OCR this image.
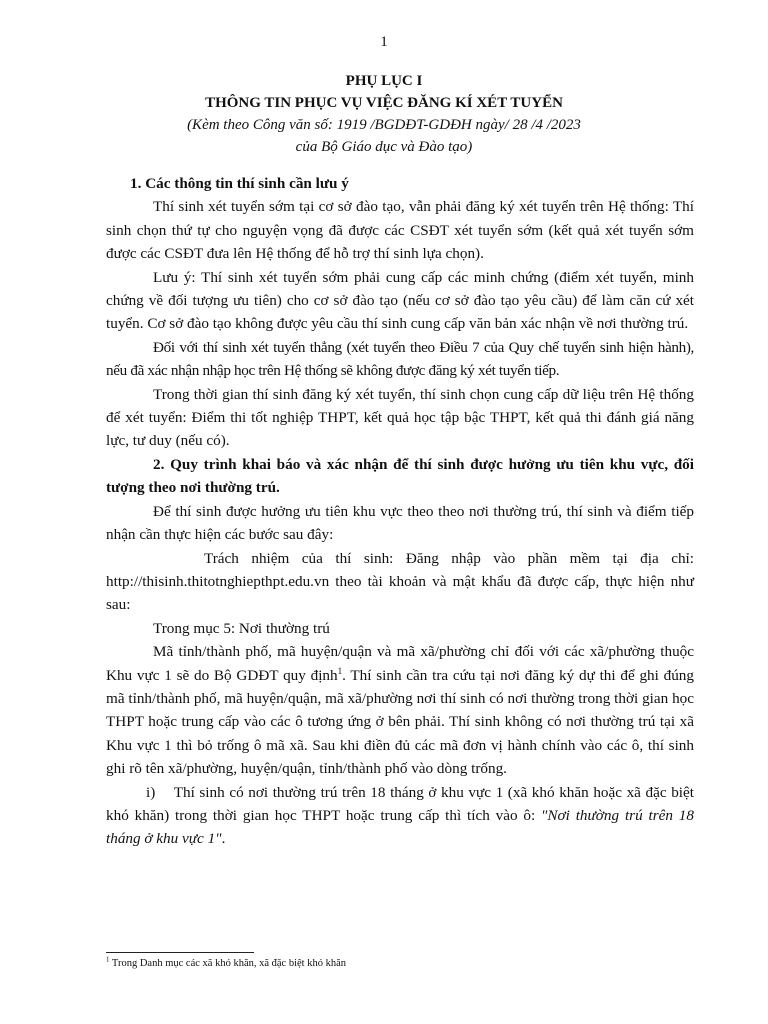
1
PHỤ LỤC I
THÔNG TIN PHỤC VỤ VIỆC ĐĂNG KÍ XÉT TUYỂN
(Kèm theo Công văn số: 1919 /BGDĐT-GDĐH ngày/ 28 /4 /2023
của Bộ Giáo dục và Đào tạo)

1. Các thông tin thí sinh cần lưu ý

Thí sinh xét tuyển sớm tại cơ sở đào tạo, vẫn phải đăng ký xét tuyển trên Hệ thống: Thí sinh chọn thứ tự cho nguyện vọng đã được các CSĐT xét tuyển sớm (kết quả xét tuyển sớm được các CSĐT đưa lên Hệ thống để hỗ trợ thí sinh lựa chọn).

Lưu ý: Thí sinh xét tuyển sớm phải cung cấp các minh chứng (điểm xét tuyển, minh chứng về đối tượng ưu tiên) cho cơ sở đào tạo (nếu cơ sở đào tạo yêu cầu) để làm căn cứ xét tuyển. Cơ sở đào tạo không được yêu cầu thí sinh cung cấp văn bản xác nhận về nơi thường trú.

Đối với thí sinh xét tuyển thẳng (xét tuyển theo Điều 7 của Quy chế tuyển sinh hiện hành), nếu đã xác nhận nhập học trên Hệ thống sẽ không được đăng ký xét tuyển tiếp.

Trong thời gian thí sinh đăng ký xét tuyển, thí sinh chọn cung cấp dữ liệu trên Hệ thống để xét tuyển: Điểm thi tốt nghiệp THPT, kết quả học tập bậc THPT, kết quả thi đánh giá năng lực, tư duy (nếu có).

2. Quy trình khai báo và xác nhận để thí sinh được hưởng ưu tiên khu vực, đối tượng theo nơi thường trú.

Để thí sinh được hưởng ưu tiên khu vực theo theo nơi thường trú, thí sinh và điểm tiếp nhận cần thực hiện các bước sau đây:

Trách nhiệm của thí sinh: Đăng nhập vào phần mềm tại địa chỉ: http://thisinh.thitotnghiepthpt.edu.vn theo tài khoản và mật khẩu đã được cấp, thực hiện như sau:

Trong mục 5: Nơi thường trú

Mã tỉnh/thành phố, mã huyện/quận và mã xã/phường chỉ đối với các xã/phường thuộc Khu vực 1 sẽ do Bộ GDĐT quy định$^1$. Thí sinh cần tra cứu tại nơi đăng ký dự thi để ghi đúng mã tỉnh/thành phố, mã huyện/quận, mã xã/phường nơi thí sinh có nơi thường trong thời gian học THPT hoặc trung cấp vào các ô tương ứng ở bên phải. Thí sinh không có nơi thường trú tại xã Khu vực 1 thì bỏ trống ô mã xã. Sau khi điền đủ các mã đơn vị hành chính vào các ô, thí sinh ghi rõ tên xã/phường, huyện/quận, tỉnh/thành phố vào dòng trống.

i) Thí sinh có nơi thường trú trên 18 tháng ở khu vực 1 (xã khó khăn hoặc xã đặc biệt khó khăn) trong thời gian học THPT hoặc trung cấp thì tích vào ô: "Nơi thường trú trên 18 tháng ở khu vực 1".

$^1$ Trong Danh mục các xã khó khăn, xã đặc biệt khó khăn
